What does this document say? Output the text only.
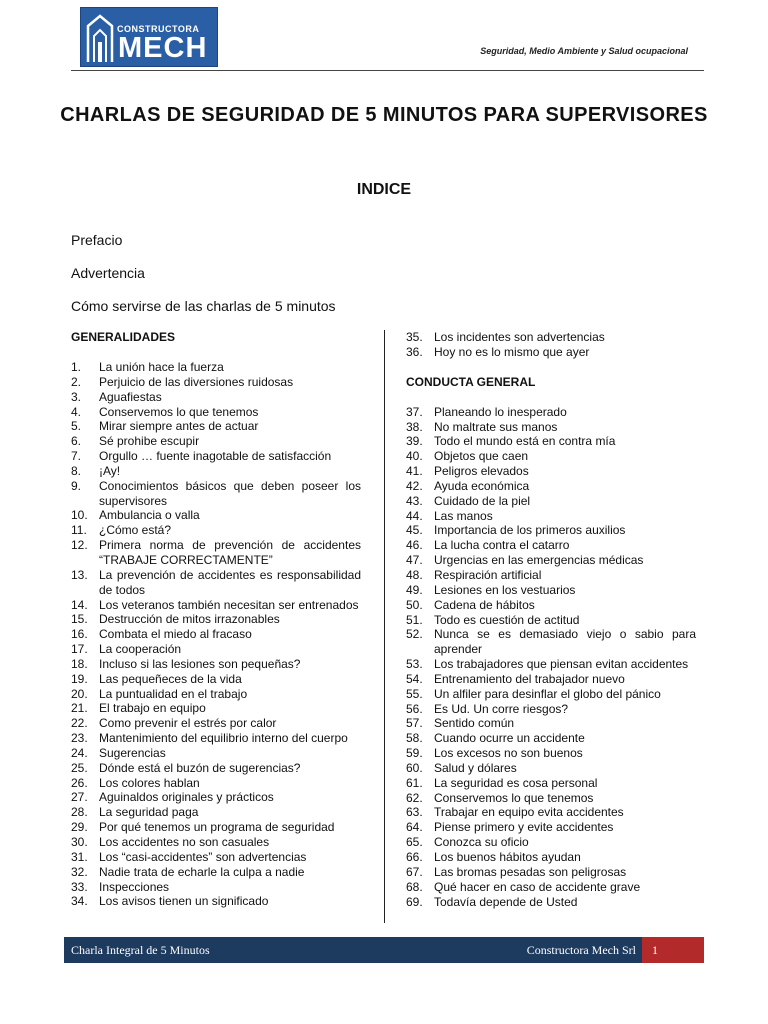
CONSTRUCTORA
MECH	Seguridad, Medio Ambiente y Salud ocupacional
CHARLAS DE SEGURIDAD DE 5 MINUTOS PARA SUPERVISORES
INDICE
Prefacio
Advertencia
Cómo servirse de las charlas de 5 minutos
GENERALIDADES
1.	La unión hace la fuerza
2.	Perjuicio de las diversiones ruidosas
3.	Aguafiestas
4.	Conservemos lo que tenemos
5.	Mirar siempre antes de actuar
6.	Sé prohibe escupir
7.	Orgullo … fuente inagotable de satisfacción
8.	¡Ay!
9.	Conocimientos básicos que deben poseer los supervisores
10. Ambulancia o valla
11.	¿Cómo está?
12. Primera norma de prevención de accidentes “TRABAJE CORRECTAMENTE”
13. La prevención de accidentes es responsabilidad de todos
14. Los veteranos también necesitan ser entrenados
15. Destrucción de mitos irrazonables
16. Combata el miedo al fracaso
17. La cooperación
18. Incluso si las lesiones son pequeñas?
19. Las pequeñeces de la vida
20. La puntualidad en el trabajo
21. El trabajo en equipo
22. Como prevenir el estrés por calor
23. Mantenimiento del equilibrio interno del cuerpo
24. Sugerencias
25. Dónde está el buzón de sugerencias?
26. Los colores hablan
27. Aguinaldos originales y prácticos
28. La seguridad paga
29. Por qué tenemos un programa de seguridad
30. Los accidentes no son casuales
31. Los “casi-accidentes” son advertencias
32. Nadie trata de echarle la culpa a nadie
33. Inspecciones
34. Los avisos tienen un significado
35. Los incidentes son advertencias
36. Hoy no es lo mismo que ayer
CONDUCTA GENERAL
37. Planeando lo inesperado
38. No maltrate sus manos
39. Todo el mundo está en contra mía
40. Objetos que caen
41. Peligros elevados
42. Ayuda económica
43. Cuidado de la piel
44. Las manos
45. Importancia de los primeros auxilios
46. La lucha contra el catarro
47. Urgencias en las emergencias médicas
48. Respiración artificial
49. Lesiones en los vestuarios
50. Cadena de hábitos
51. Todo es cuestión de actitud
52. Nunca se es demasiado viejo o sabio para aprender
53. Los trabajadores que piensan evitan accidentes
54. Entrenamiento del trabajador nuevo
55. Un alfiler para desinflar el globo del pánico
56. Es Ud. Un corre riesgos?
57. Sentido común
58. Cuando ocurre un accidente
59. Los excesos no son buenos
60. Salud y dólares
61. La seguridad es cosa personal
62. Conservemos lo que tenemos
63. Trabajar en equipo evita accidentes
64. Piense primero y evite accidentes
65. Conozca su oficio
66. Los buenos hábitos ayudan
67. Las bromas pesadas son peligrosas
68. Qué hacer en caso de accidente grave
69. Todavía depende de Usted
Charla Integral de 5 Minutos	Constructora Mech Srl 1
